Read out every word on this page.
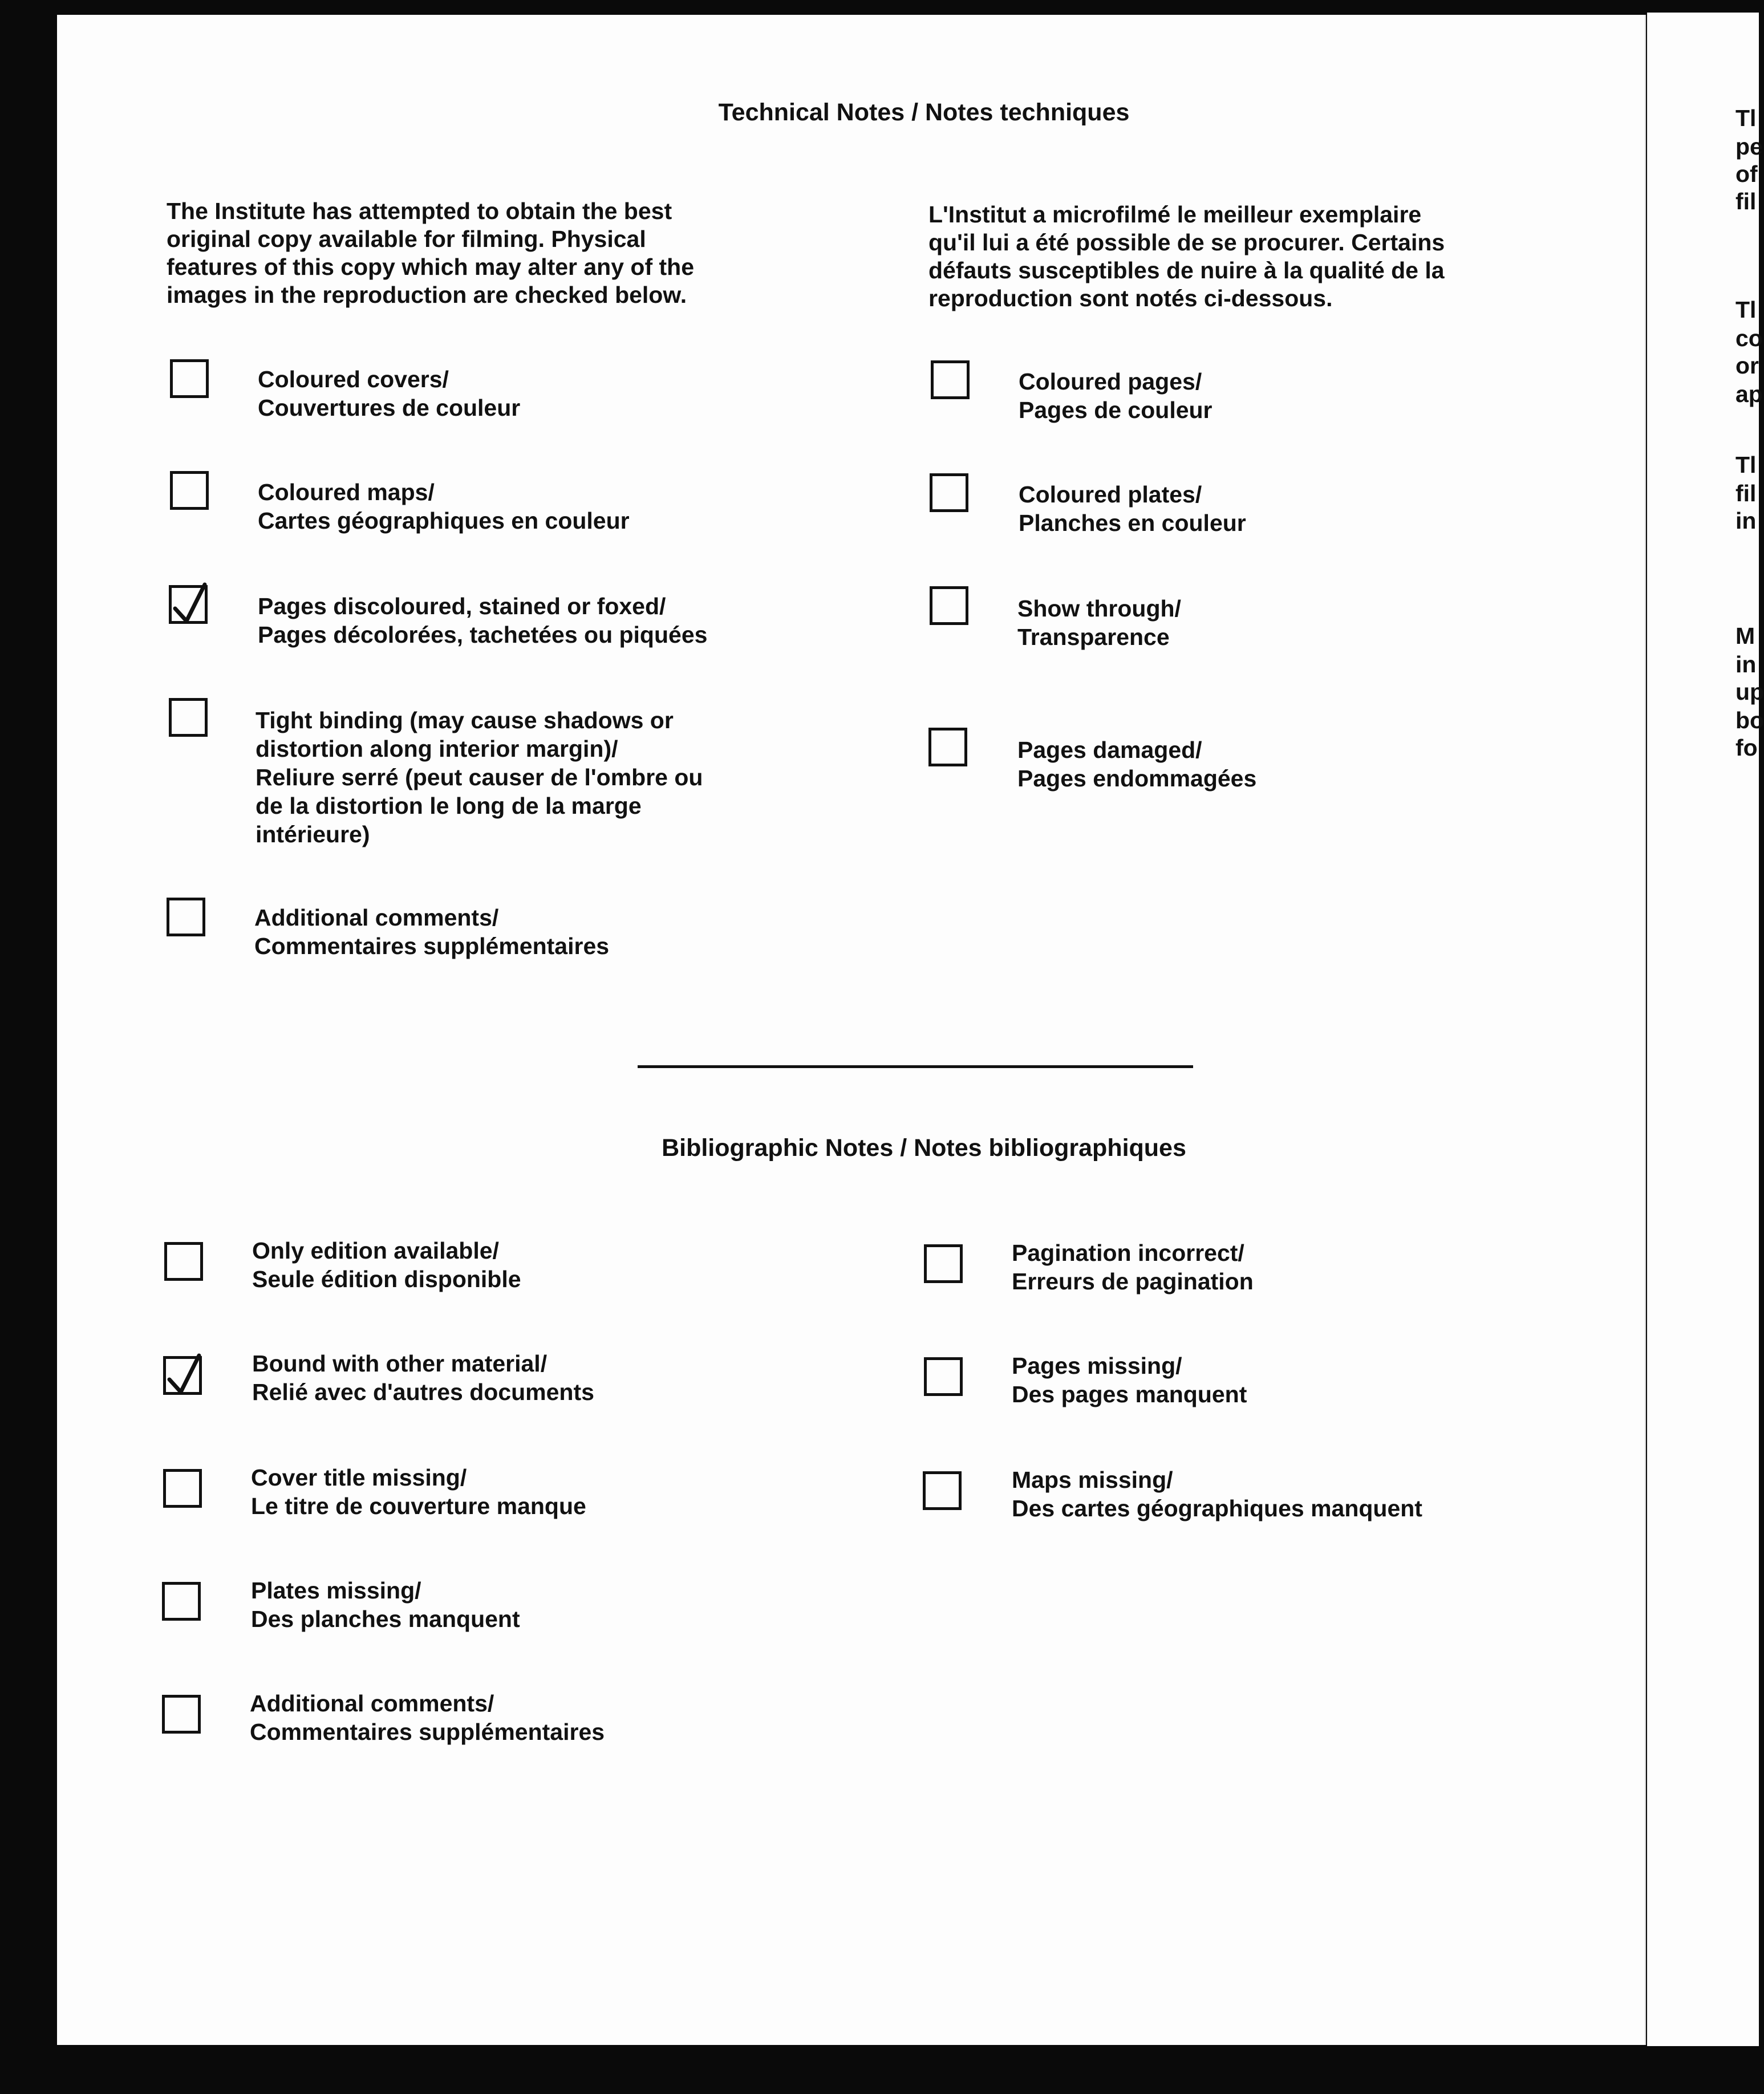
Technical Notes / Notes techniques
The Institute has attempted to obtain the best
original copy available for filming. Physical
features of this copy which may alter any of the
images in the reproduction are checked below.
L'Institut a microfilmé le meilleur exemplaire
qu'il lui a été possible de se procurer. Certains
défauts susceptibles de nuire à la qualité de la
reproduction sont notés ci-dessous.
Coloured covers/
Couvertures de couleur
Coloured maps/
Cartes géographiques en couleur
Pages discoloured, stained or foxed/
Pages décolorées, tachetées ou piquées
Tight binding (may cause shadows or
distortion along interior margin)/
Reliure serré (peut causer de l'ombre ou
de la distortion le long de la marge
intérieure)
Additional comments/
Commentaires supplémentaires
Coloured pages/
Pages de couleur
Coloured plates/
Planches en couleur
Show through/
Transparence
Pages damaged/
Pages endommagées
Bibliographic Notes / Notes bibliographiques
Only edition available/
Seule édition disponible
Bound with other material/
Relié avec d'autres documents
Cover title missing/
Le titre de couverture manque
Plates missing/
Des planches manquent
Additional comments/
Commentaires supplémentaires
Pagination incorrect/
Erreurs de pagination
Pages missing/
Des pages manquent
Maps missing/
Des cartes géographiques manquent
Tl
pe
of
fil
Tl
co
or
ap
Tl
fil
in
M
in
up
bo
fo
